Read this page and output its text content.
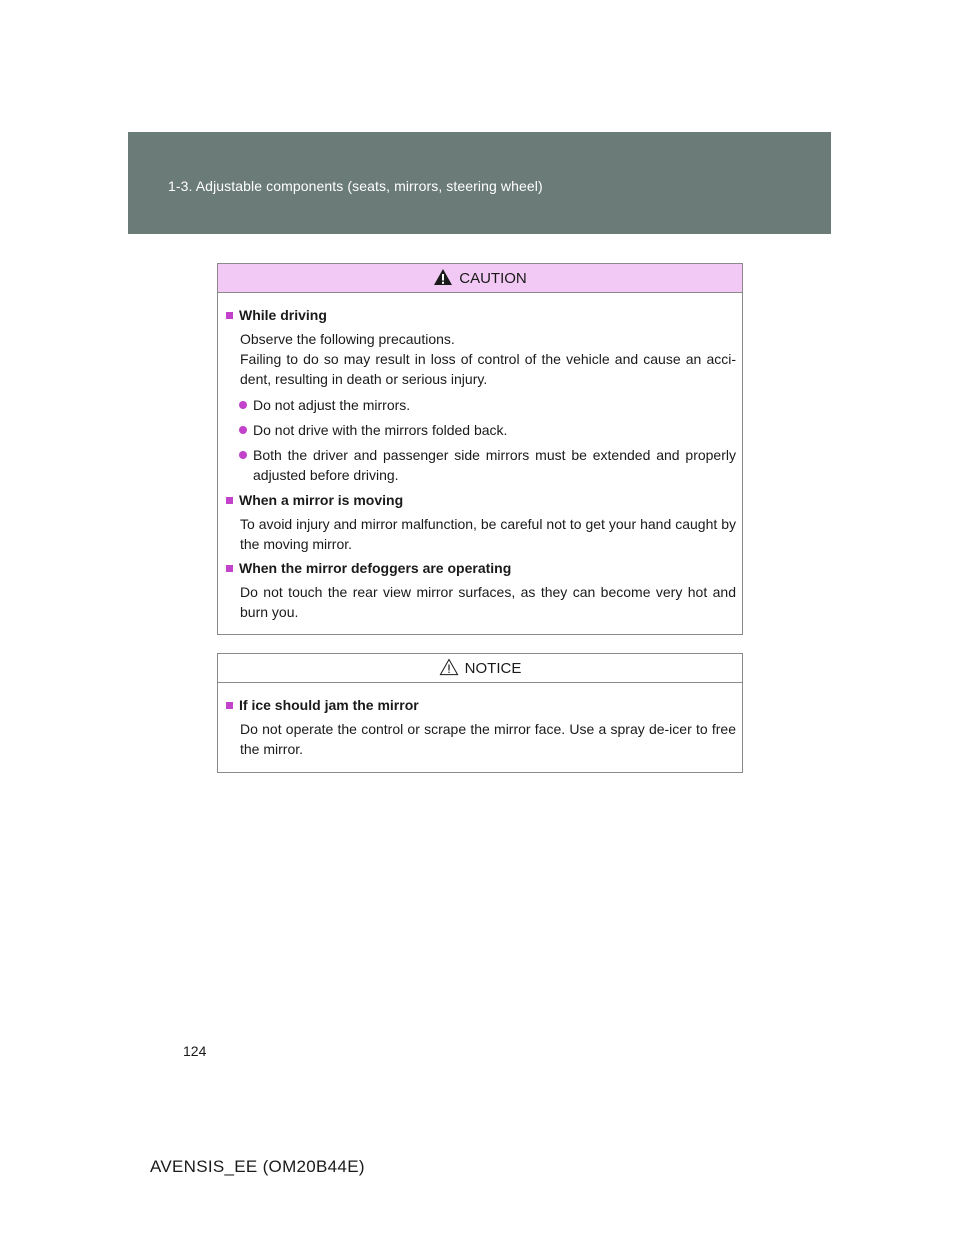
1-3. Adjustable components (seats, mirrors, steering wheel)
CAUTION
While driving
Observe the following precautions.
Failing to do so may result in loss of control of the vehicle and cause an acci-dent, resulting in death or serious injury.
Do not adjust the mirrors.
Do not drive with the mirrors folded back.
Both the driver and passenger side mirrors must be extended and properly adjusted before driving.
When a mirror is moving
To avoid injury and mirror malfunction, be careful not to get your hand caught by the moving mirror.
When the mirror defoggers are operating
Do not touch the rear view mirror surfaces, as they can become very hot and burn you.
NOTICE
If ice should jam the mirror
Do not operate the control or scrape the mirror face. Use a spray de-icer to free the mirror.
124
AVENSIS_EE (OM20B44E)
